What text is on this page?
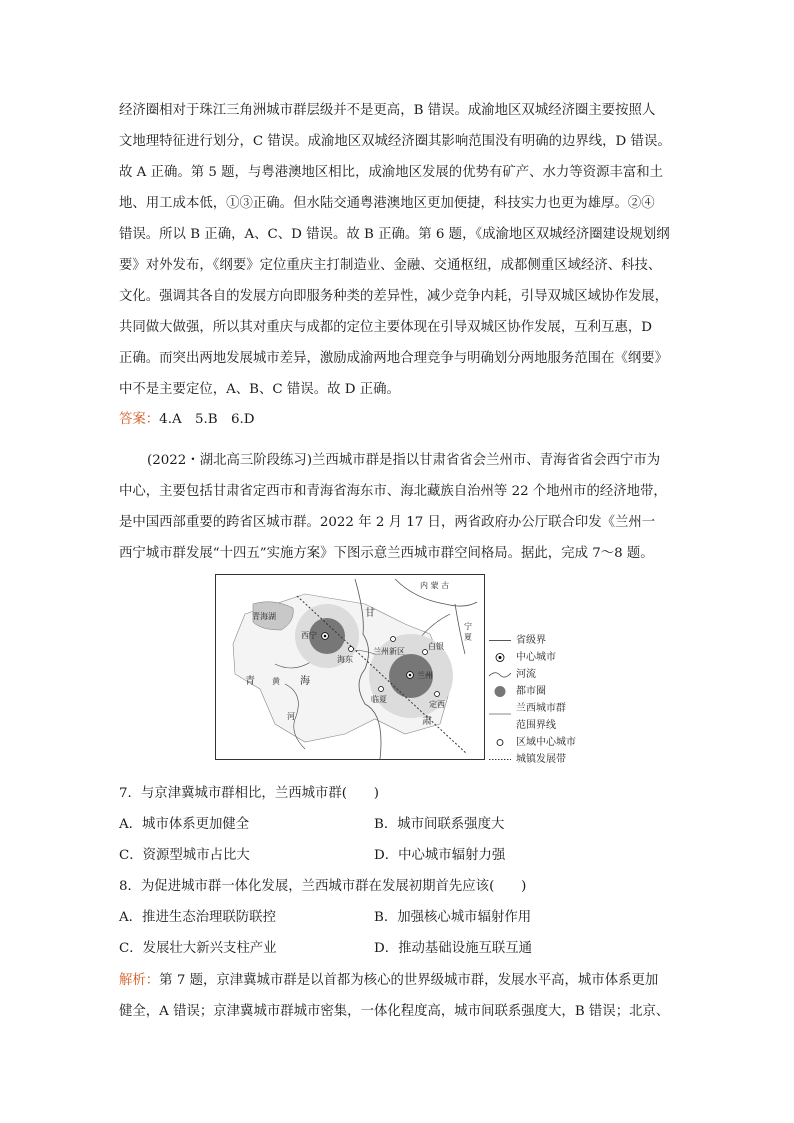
经济圈相对于珠江三角洲城市群层级并不是更高，B 错误。成渝地区双城经济圈主要按照人
文地理特征进行划分，C 错误。成渝地区双城经济圈其影响范围没有明确的边界线，D 错误。
故 A 正确。第 5 题，与粤港澳地区相比，成渝地区发展的优势有矿产、水力等资源丰富和土
地、用工成本低，①③正确。但水陆交通粤港澳地区更加便捷，科技实力也更为雄厚。②④
错误。所以 B 正确，A、C、D 错误。故 B 正确。第 6 题，《成渝地区双城经济圈建设规划纲
要》对外发布，《纲要》定位重庆主打制造业、金融、交通枢纽，成都侧重区域经济、科技、
文化。强调其各自的发展方向即服务种类的差异性，减少竞争内耗，引导双城区域协作发展，
共同做大做强，所以其对重庆与成都的定位主要体现在引导双城区协作发展，互利互惠，D
正确。而突出两地发展城市差异，激励成渝两地合理竞争与明确划分两地服务范围在《纲要》
中不是主要定位，A、B、C 错误。故 D 正确。
答案：4.A　5.B　6.D
(2022・湖北高三阶段练习)兰西城市群是指以甘肃省省会兰州市、青海省省会西宁市为
中心，主要包括甘肃省定西市和青海省海东市、海北藏族自治州等 22 个地州市的经济地带，
是中国西部重要的跨省区城市群。2022 年 2 月 17 日，两省政府办公厅联合印发《兰州一
西宁城市群发展“十四五”实施方案》下图示意兰西城市群空间格局。据此，完成 7～8 题。
内 蒙 古
宁 夏
甘
肃
青	海
黄
河
青海湖
西宁
海东
兰州新区
白银
兰州
临夏
定西
省级界
中心城市
河流
都市圈
兰西城市群
范围界线
区域中心城市
城镇发展带
7．与京津冀城市群相比，兰西城市群(　　)
A．城市体系更加健全	B．城市间联系强度大
C．资源型城市占比大	D．中心城市辐射力强
8．为促进城市群一体化发展，兰西城市群在发展初期首先应该(　　)
A．推进生态治理联防联控	B．加强核心城市辐射作用
C．发展壮大新兴支柱产业	D．推动基础设施互联互通
解析：第 7 题，京津冀城市群是以首都为核心的世界级城市群，发展水平高，城市体系更加
健全，A 错误；京津冀城市群城市密集，一体化程度高，城市间联系强度大，B 错误；北京、
